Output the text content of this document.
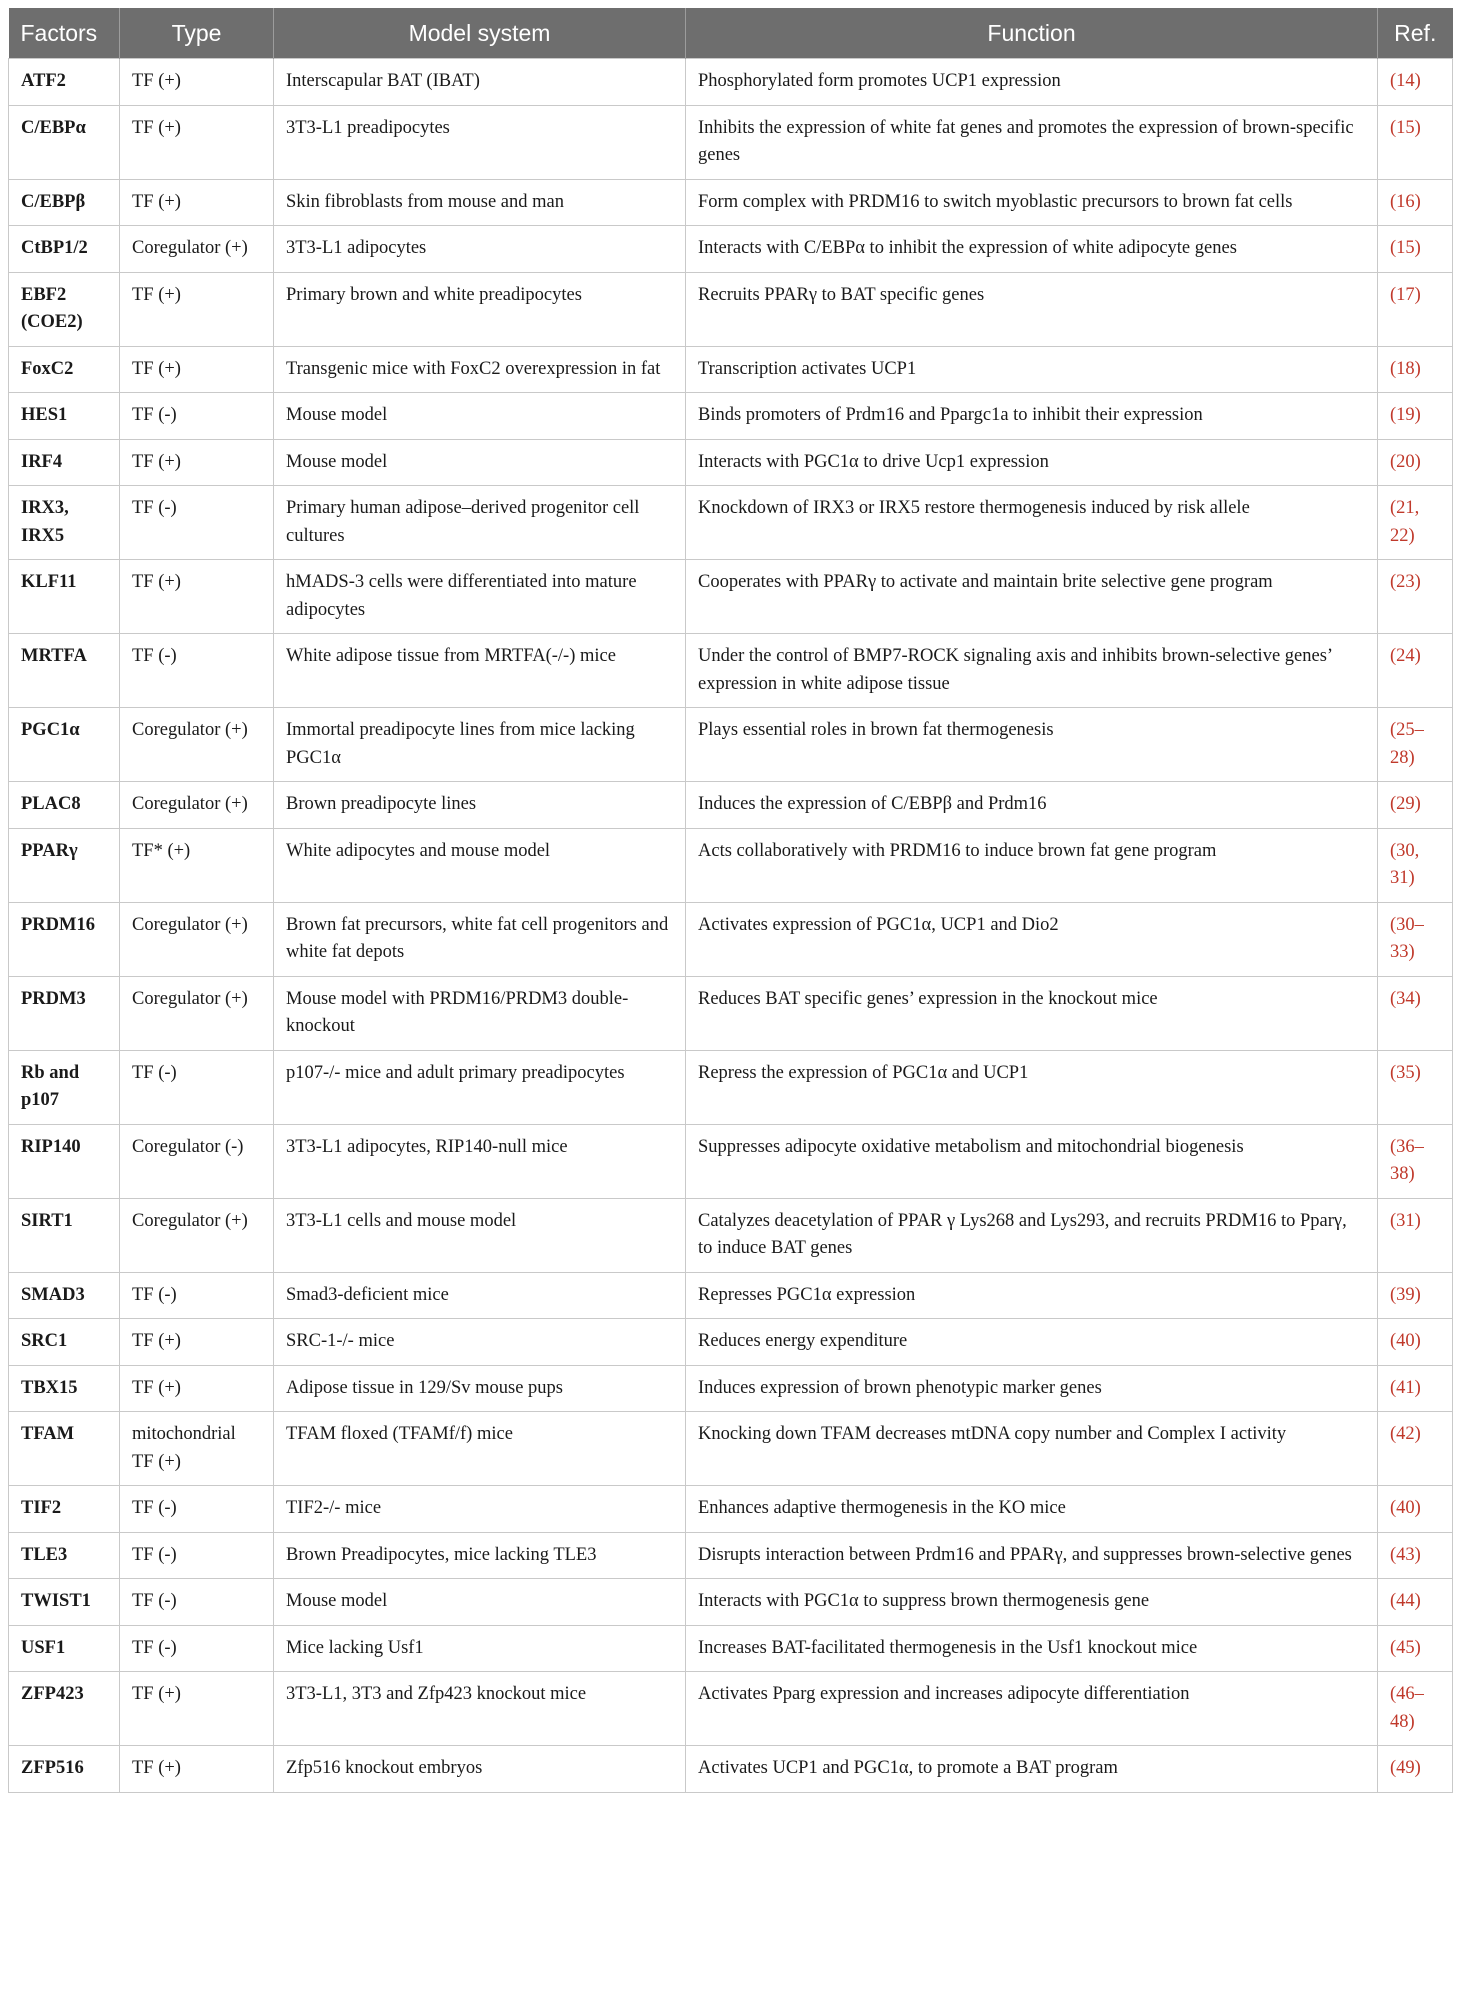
Factors	Type	Model system	Function	Ref.
ATF2	TF (+)	Interscapular BAT (IBAT)	Phosphorylated form promotes UCP1 expression	(14)
C/EBPα	TF (+)	3T3-L1 preadipocytes	Inhibits the expression of white fat genes and promotes the expression of brown-specific genes	(15)
C/EBPβ	TF (+)	Skin fibroblasts from mouse and man	Form complex with PRDM16 to switch myoblastic precursors to brown fat cells	(16)
CtBP1/2	Coregulator (+)	3T3-L1 adipocytes	Interacts with C/EBPα to inhibit the expression of white adipocyte genes	(15)
EBF2 (COE2)	TF (+)	Primary brown and white preadipocytes	Recruits PPARγ to BAT specific genes	(17)
FoxC2	TF (+)	Transgenic mice with FoxC2 overexpression in fat	Transcription activates UCP1	(18)
HES1	TF (-)	Mouse model	Binds promoters of Prdm16 and Ppargc1a to inhibit their expression	(19)
IRF4	TF (+)	Mouse model	Interacts with PGC1α to drive Ucp1 expression	(20)
IRX3, IRX5	TF (-)	Primary human adipose–derived progenitor cell cultures	Knockdown of IRX3 or IRX5 restore thermogenesis induced by risk allele	(21, 22)
KLF11	TF (+)	hMADS-3 cells were differentiated into mature adipocytes	Cooperates with PPARγ to activate and maintain brite selective gene program	(23)
MRTFA	TF (-)	White adipose tissue from MRTFA(-/-) mice	Under the control of BMP7-ROCK signaling axis and inhibits brown-selective genes’ expression in white adipose tissue	(24)
PGC1α	Coregulator (+)	Immortal preadipocyte lines from mice lacking PGC1α	Plays essential roles in brown fat thermogenesis	(25–28)
PLAC8	Coregulator (+)	Brown preadipocyte lines	Induces the expression of C/EBPβ and Prdm16	(29)
PPARγ	TF* (+)	White adipocytes and mouse model	Acts collaboratively with PRDM16 to induce brown fat gene program	(30, 31)
PRDM16	Coregulator (+)	Brown fat precursors, white fat cell progenitors and white fat depots	Activates expression of PGC1α, UCP1 and Dio2	(30–33)
PRDM3	Coregulator (+)	Mouse model with PRDM16/PRDM3 double-knockout	Reduces BAT specific genes’ expression in the knockout mice	(34)
Rb and p107	TF (-)	p107-/- mice and adult primary preadipocytes	Repress the expression of PGC1α and UCP1	(35)
RIP140	Coregulator (-)	3T3-L1 adipocytes, RIP140-null mice	Suppresses adipocyte oxidative metabolism and mitochondrial biogenesis	(36–38)
SIRT1	Coregulator (+)	3T3-L1 cells and mouse model	Catalyzes deacetylation of PPAR γ Lys268 and Lys293, and recruits PRDM16 to Pparγ, to induce BAT genes	(31)
SMAD3	TF (-)	Smad3-deficient mice	Represses PGC1α expression	(39)
SRC1	TF (+)	SRC-1-/- mice	Reduces energy expenditure	(40)
TBX15	TF (+)	Adipose tissue in 129/Sv mouse pups	Induces expression of brown phenotypic marker genes	(41)
TFAM	mitochondrial TF (+)	TFAM floxed (TFAMf/f) mice	Knocking down TFAM decreases mtDNA copy number and Complex I activity	(42)
TIF2	TF (-)	TIF2-/- mice	Enhances adaptive thermogenesis in the KO mice	(40)
TLE3	TF (-)	Brown Preadipocytes, mice lacking TLE3	Disrupts interaction between Prdm16 and PPARγ, and suppresses brown-selective genes	(43)
TWIST1	TF (-)	Mouse model	Interacts with PGC1α to suppress brown thermogenesis gene	(44)
USF1	TF (-)	Mice lacking Usf1	Increases BAT-facilitated thermogenesis in the Usf1 knockout mice	(45)
ZFP423	TF (+)	3T3-L1, 3T3 and Zfp423 knockout mice	Activates Pparg expression and increases adipocyte differentiation	(46–48)
ZFP516	TF (+)	Zfp516 knockout embryos	Activates UCP1 and PGC1α, to promote a BAT program	(49)
